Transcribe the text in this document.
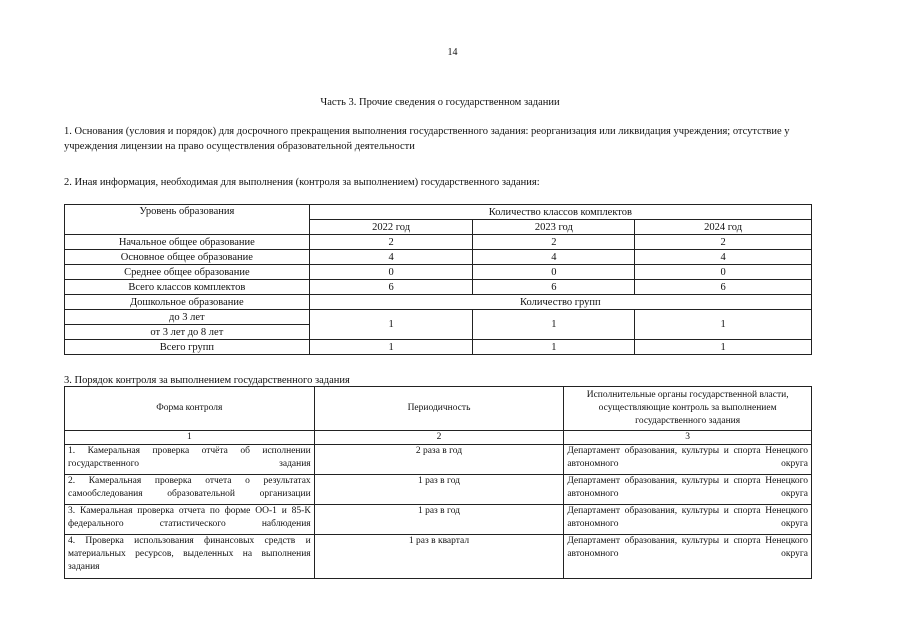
14
Часть 3. Прочие сведения о государственном задании
1. Основания (условия и порядок) для досрочного прекращения выполнения государственного задания: реорганизация или ликвидация учреждения; отсутствие у учреждения лицензии на право осуществления образовательной деятельности
2. Иная информация, необходимая для выполнения (контроля за выполнением) государственного задания:
Уровень образования	Количество классов комплектов		
	2022 год	2023 год	2024 год
Начальное общее образование	2	2	2
Основное общее образование	4	4	4
Среднее общее образование	0	0	0
Всего классов комплектов	6	6	6
Дошкольное образование	Количество групп		
до 3 лет	1	1	1
от 3 лет до 8 лет			
Всего групп	1	1	1
3. Порядок контроля за выполнением государственного задания
Форма контроля	Периодичность	Исполнительные органы государственной власти, осуществляющие контроль за выполнением государственного задания
1	2	3
1. Камеральная проверка отчёта об исполнении государственного задания	2 раза в год	Департамент образования, культуры и спорта Ненецкого автономного округа
2. Камеральная проверка отчета о результатах самообследования образовательной организации	1 раз в год	Департамент образования, культуры и спорта Ненецкого автономного округа
3. Камеральная проверка отчета по форме ОО-1 и 85-К федерального статистического наблюдения	1 раз в год	Департамент образования, культуры и спорта Ненецкого автономного округа
4. Проверка использования финансовых средств и материальных ресурсов, выделенных на выполнения задания	1 раз в квартал	Департамент образования, культуры и спорта Ненецкого автономного округа
